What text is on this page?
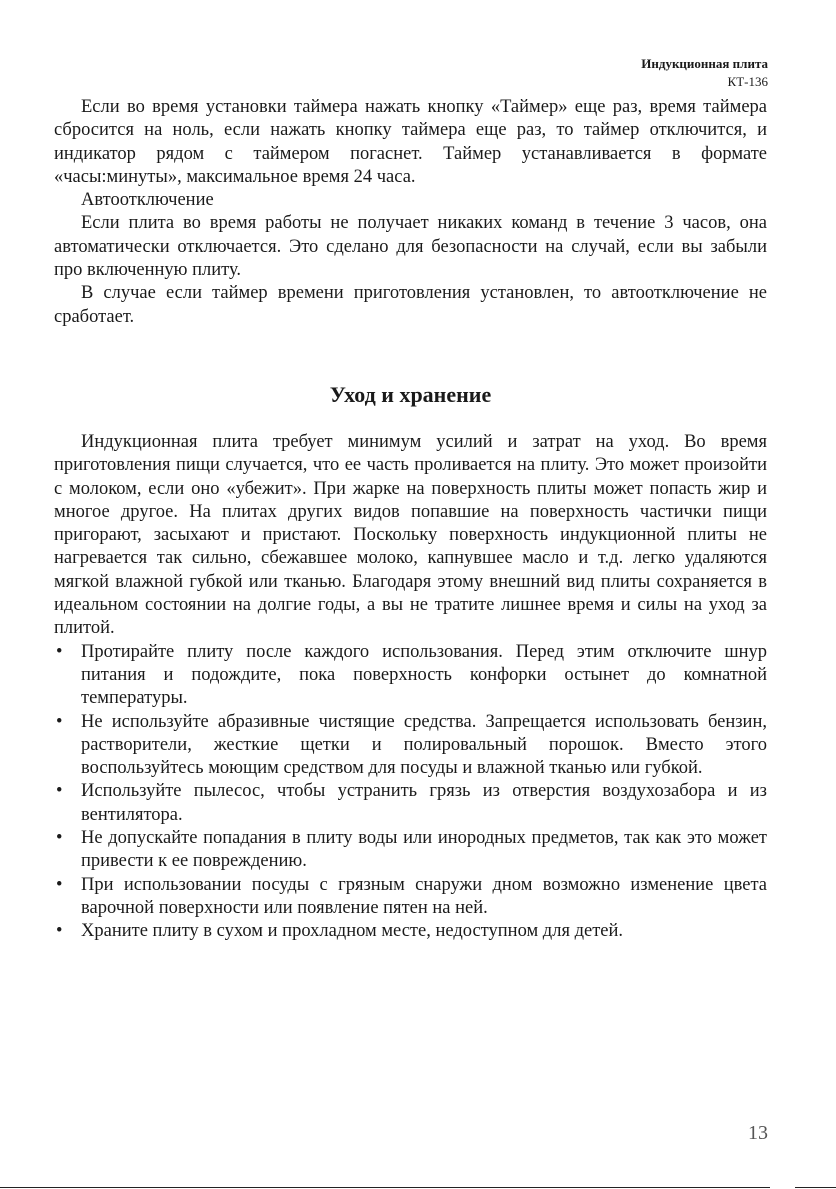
Индукционная плита
КТ-136

Если во время установки таймера нажать кнопку «Таймер» еще раз, время таймера сбросится на ноль, если нажать кнопку таймера еще раз, то таймер отключится, и индикатор рядом с таймером погаснет. Таймер устанавливается в формате «часы:минуты», максимальное время 24 часа.

Автоотключение

Если плита во время работы не получает никаких команд в течение 3 часов, она автоматически отключается. Это сделано для безопасности на случай, если вы забыли про включенную плиту.

В случае если таймер времени приготовления установлен, то автоотключение не сработает.

Уход и хранение

Индукционная плита требует минимум усилий и затрат на уход. Во время приготовления пищи случается, что ее часть проливается на плиту. Это может произойти с молоком, если оно «убежит». При жарке на поверхность плиты может попасть жир и многое другое. На плитах других видов попавшие на поверхность частички пищи пригорают, засыхают и пристают. Поскольку поверхность индукционной плиты не нагревается так сильно, сбежавшее молоко, капнувшее масло и т.д. легко удаляются мягкой влажной губкой или тканью. Благодаря этому внешний вид плиты сохраняется в идеальном состоянии на долгие годы, а вы не тратите лишнее время и силы на уход за плитой.

• Протирайте плиту после каждого использования. Перед этим отключите шнур питания и подождите, пока поверхность конфорки остынет до комнатной температуры.
• Не используйте абразивные чистящие средства. Запрещается использовать бензин, растворители, жесткие щетки и полировальный порошок. Вместо этого воспользуйтесь моющим средством для посуды и влажной тканью или губкой.
• Используйте пылесос, чтобы устранить грязь из отверстия воздухозабора и из вентилятора.
• Не допускайте попадания в плиту воды или инородных предметов, так как это может привести к ее повреждению.
• При использовании посуды с грязным снаружи дном возможно изменение цвета варочной поверхности или появление пятен на ней.
• Храните плиту в сухом и прохладном месте, недоступном для детей.
13
